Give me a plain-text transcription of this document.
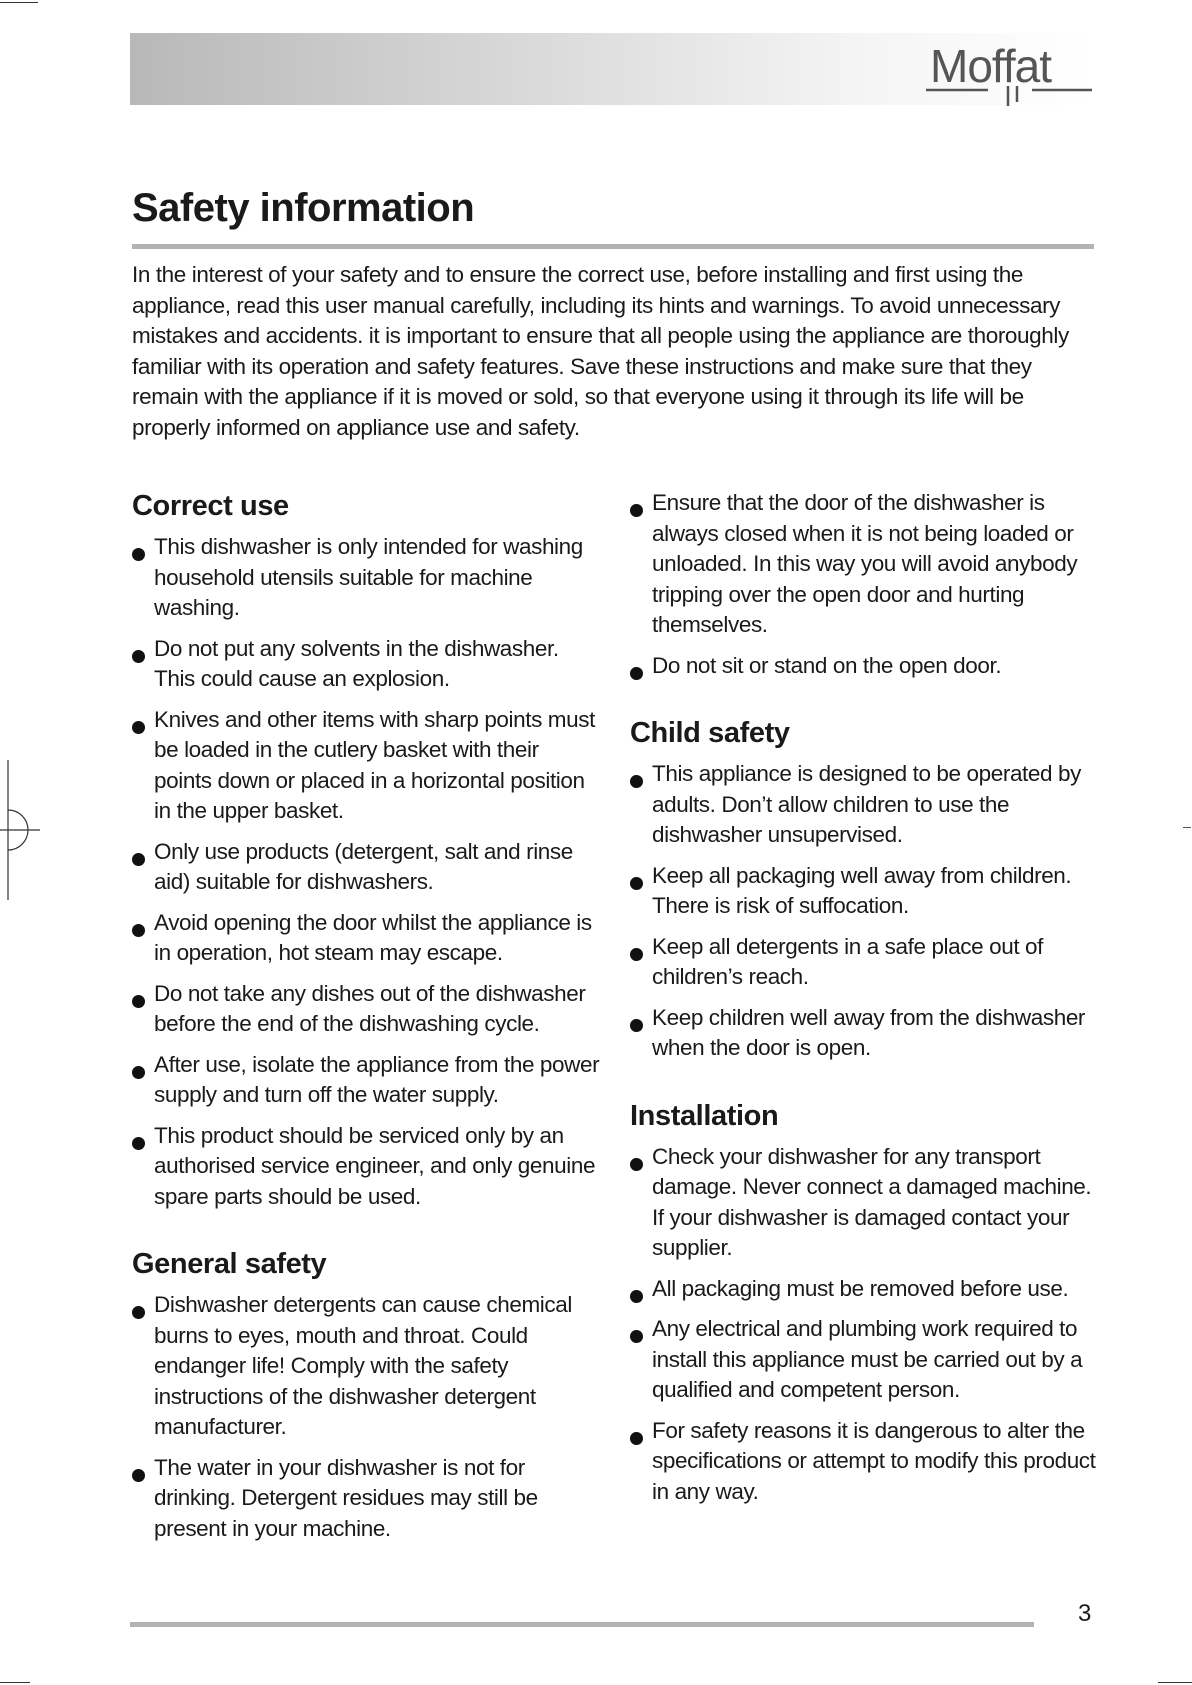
Moffat
Safety information

In the interest of your safety and to ensure the correct use, before installing and first using the appliance, read this user manual carefully, including its hints and warnings. To avoid unnecessary mistakes and accidents. it is important to ensure that all people using the appliance are thoroughly familiar with its operation and safety features. Save these instructions and make sure that they remain with the appliance if it is moved or sold, so that everyone using it through its life will be properly informed on appliance use and safety.

Correct use
This dishwasher is only intended for washing household utensils suitable for machine washing.
Do not put any solvents in the dishwasher. This could cause an explosion.
Knives and other items with sharp points must be loaded in the cutlery basket with their points down or placed in a horizontal position in the upper basket.
Only use products (detergent, salt and rinse aid) suitable for dishwashers.
Avoid opening the door whilst the appliance is in operation, hot steam may escape.
Do not take any dishes out of the dishwasher before the end of the dishwashing cycle.
After use, isolate the appliance from the power supply and turn off the water supply.
This product should be serviced only by an authorised service engineer, and only genuine spare parts should be used.
General safety
Dishwasher detergents can cause chemical burns to eyes, mouth and throat. Could endanger life! Comply with the safety instructions of the dishwasher detergent manufacturer.
The water in your dishwasher is not for drinking. Detergent residues may still be present in your machine.
Ensure that the door of the dishwasher is always closed when it is not being loaded or unloaded. In this way you will avoid anybody tripping over the open door and hurting themselves.
Do not sit or stand on the open door.
Child safety
This appliance is designed to be operated by adults. Don’t allow children to use the dishwasher unsupervised.
Keep all packaging well away from children. There is risk of suffocation.
Keep all detergents in a safe place out of children’s reach.
Keep children well away from the dishwasher when the door is open.
Installation
Check your dishwasher for any transport damage. Never connect a damaged machine. If your dishwasher is damaged contact your supplier.
All packaging must be removed before use.
Any electrical and plumbing work required to install this appliance must be carried out by a qualified and competent person.
For safety reasons it is dangerous to alter the specifications or attempt to modify this product in any way.
3
